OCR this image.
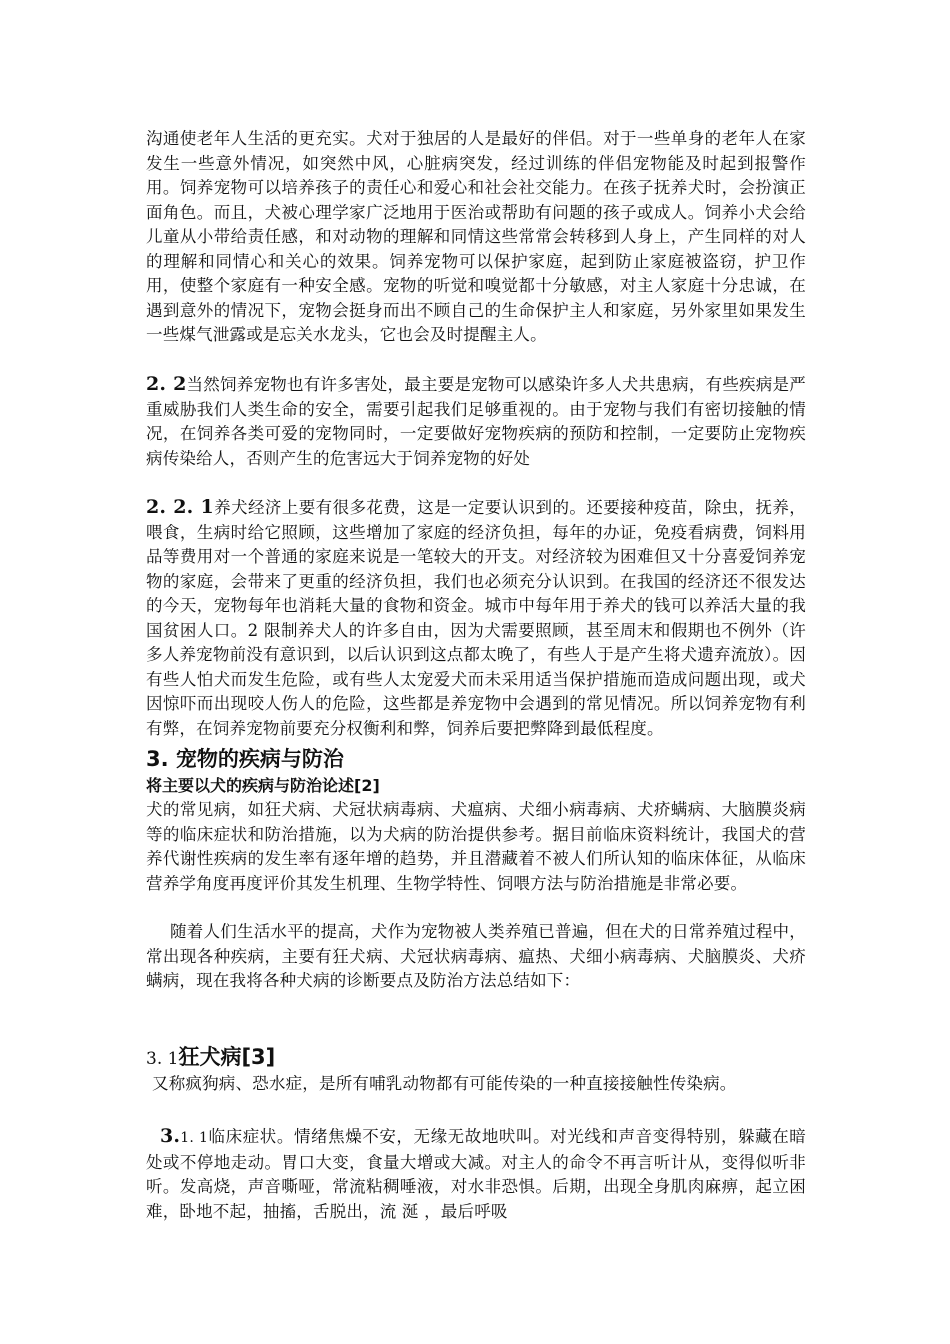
沟通使老年人生活的更充实。犬对于独居的人是最好的伴侣。对于一些单身的老年人在家发生一些意外情况，如突然中风，心脏病突发，经过训练的伴侣宠物能及时起到报警作用。饲养宠物可以培养孩子的责任心和爱心和社会社交能力。在孩子抚养犬时，会扮演正面角色。而且，犬被心理学家广泛地用于医治或帮助有问题的孩子或成人。饲养小犬会给儿童从小带给责任感，和对动物的理解和同情这些常常会转移到人身上，产生同样的对人的理解和同情心和关心的效果。饲养宠物可以保护家庭，起到防止家庭被盗窃，护卫作用，使整个家庭有一种安全感。宠物的听觉和嗅觉都十分敏感，对主人家庭十分忠诚，在遇到意外的情况下，宠物会挺身而出不顾自己的生命保护主人和家庭，另外家里如果发生一些煤气泄露或是忘关水龙头，它也会及时提醒主人。
2. 2当然饲养宠物也有许多害处，最主要是宠物可以感染许多人犬共患病，有些疾病是严重威胁我们人类生命的安全，需要引起我们足够重视的。由于宠物与我们有密切接触的情况，在饲养各类可爱的宠物同时，一定要做好宠物疾病的预防和控制，一定要防止宠物疾病传染给人，否则产生的危害远大于饲养宠物的好处
2. 2. 1养犬经济上要有很多花费，这是一定要认识到的。还要接种疫苗，除虫，抚养，喂食，生病时给它照顾，这些增加了家庭的经济负担，每年的办证，免疫看病费，饲料用品等费用对一个普通的家庭来说是一笔较大的开支。对经济较为困难但又十分喜爱饲养宠物的家庭，会带来了更重的经济负担，我们也必须充分认识到。在我国的经济还不很发达的今天，宠物每年也消耗大量的食物和资金。城市中每年用于养犬的钱可以养活大量的我国贫困人口。2 限制养犬人的许多自由，因为犬需要照顾，甚至周末和假期也不例外（许多人养宠物前没有意识到，以后认识到这点都太晚了，有些人于是产生将犬遗弃流放）。因有些人怕犬而发生危险，或有些人太宠爱犬而未采用适当保护措施而造成问题出现，或犬因惊吓而出现咬人伤人的危险，这些都是养宠物中会遇到的常见情况。所以饲养宠物有利有弊，在饲养宠物前要充分权衡利和弊，饲养后要把弊降到最低程度。
3. 宠物的疾病与防治
将主要以犬的疾病与防治论述[2]
犬的常见病，如狂犬病、犬冠状病毒病、犬瘟病、犬细小病毒病、犬疥螨病、大脑膜炎病等的临床症状和防治措施，以为犬病的防治提供参考。据目前临床资料统计，我国犬的营养代谢性疾病的发生率有逐年增的趋势，并且潜藏着不被人们所认知的临床体征，从临床营养学角度再度评价其发生机理、生物学特性、饲喂方法与防治措施是非常必要。
随着人们生活水平的提高，犬作为宠物被人类养殖已普遍，但在犬的日常养殖过程中，常出现各种疾病，主要有狂犬病、犬冠状病毒病、瘟热、犬细小病毒病、犬脑膜炎、犬疥螨病，现在我将各种犬病的诊断要点及防治方法总结如下：
3. 1狂犬病[3]
又称疯狗病、恐水症，是所有哺乳动物都有可能传染的一种直接接触性传染病。
3.1. 1临床症状。情绪焦燥不安，无缘无故地吠叫。对光线和声音变得特别，躲藏在暗处或不停地走动。胃口大变，食量大增或大减。对主人的命令不再言听计从，变得似听非听。发高烧，声音嘶哑，常流粘稠唾液，对水非恐惧。后期，出现全身肌肉麻痹，起立困难，卧地不起，抽搐，舌脱出，流 涎 ，最后呼吸
